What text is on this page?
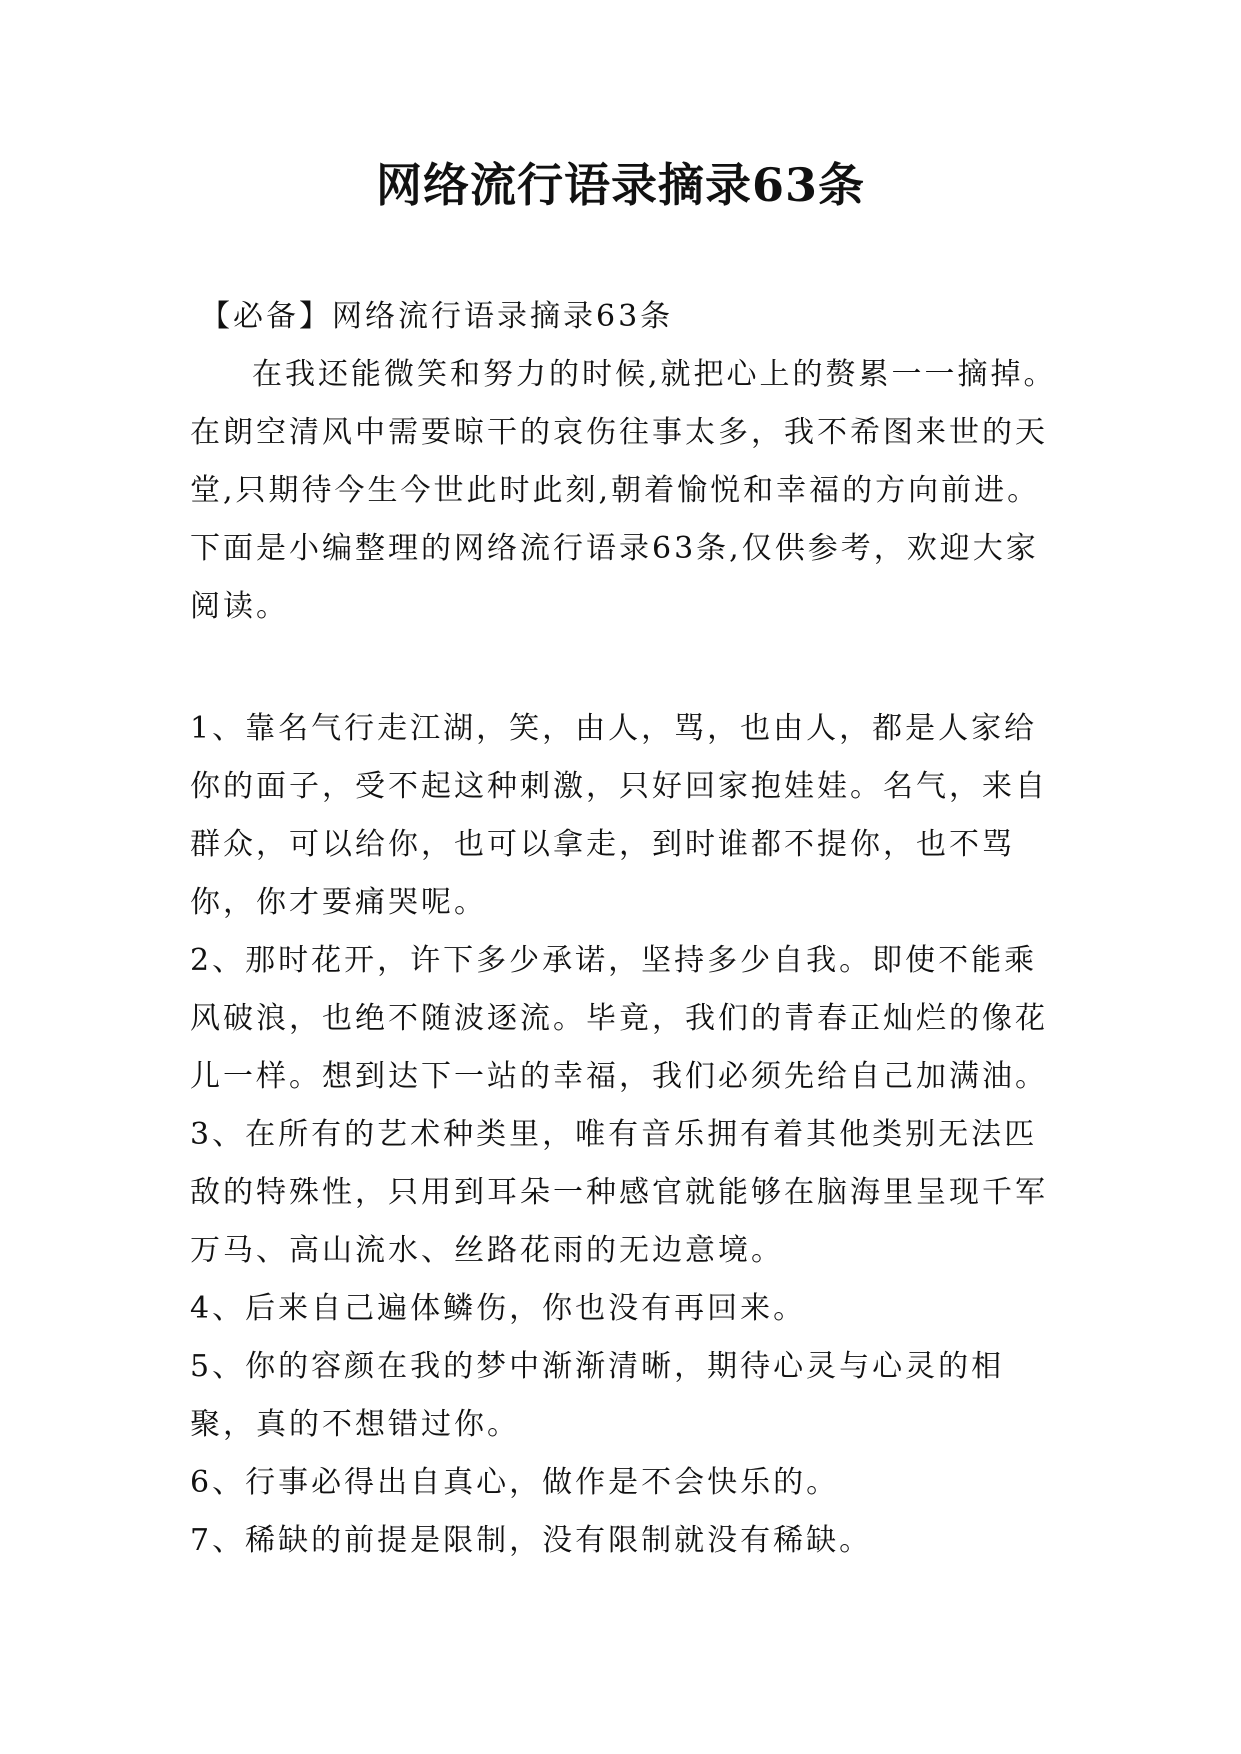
网络流行语录摘录63条

【必备】网络流行语录摘录63条

在我还能微笑和努力的时候,就把心上的赘累一一摘掉。在朗空清风中需要晾干的哀伤往事太多，我不希图来世的天堂,只期待今生今世此时此刻,朝着愉悦和幸福的方向前进。下面是小编整理的网络流行语录63条,仅供参考，欢迎大家阅读。

1、靠名气行走江湖，笑，由人，骂，也由人，都是人家给你的面子，受不起这种刺激，只好回家抱娃娃。名气，来自群众，可以给你，也可以拿走，到时谁都不提你，也不骂你，你才要痛哭呢。

2、那时花开，许下多少承诺，坚持多少自我。即使不能乘风破浪，也绝不随波逐流。毕竟，我们的青春正灿烂的像花儿一样。想到达下一站的幸福，我们必须先给自己加满油。

3、在所有的艺术种类里，唯有音乐拥有着其他类别无法匹敌的特殊性，只用到耳朵一种感官就能够在脑海里呈现千军万马、高山流水、丝路花雨的无边意境。

4、后来自己遍体鳞伤，你也没有再回来。

5、你的容颜在我的梦中渐渐清晰，期待心灵与心灵的相聚，真的不想错过你。

6、行事必得出自真心，做作是不会快乐的。

7、稀缺的前提是限制，没有限制就没有稀缺。
